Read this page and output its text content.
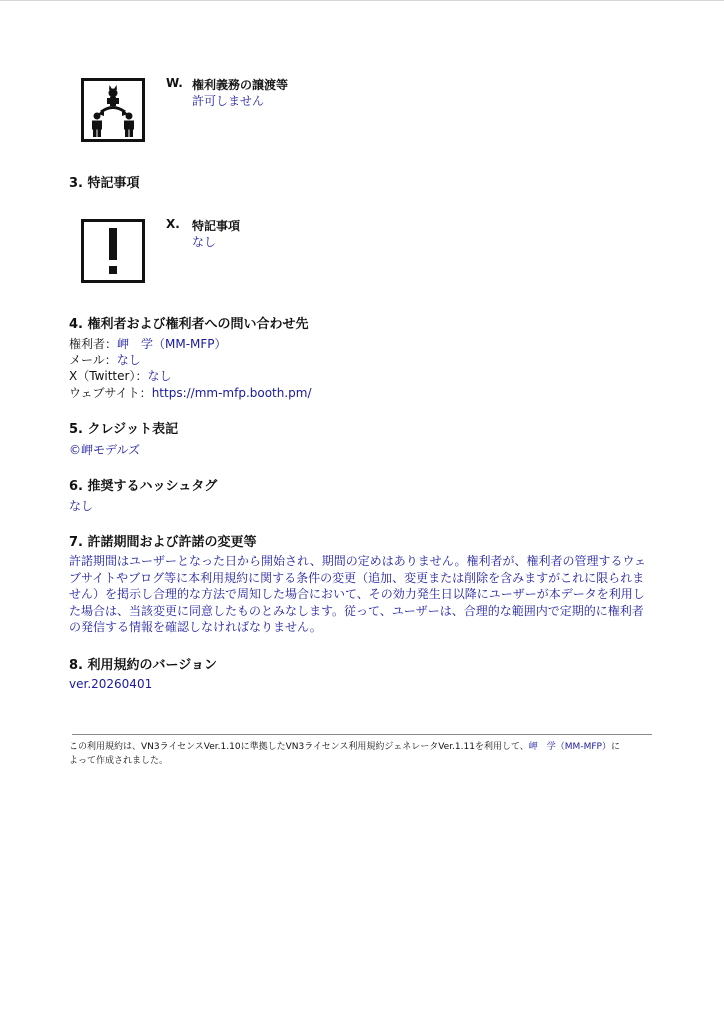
W. 権利義務の譲渡等
許可しません
3. 特記事項
X. 特記事項
なし
4. 権利者および権利者への問い合わせ先
権利者：岬　学（MM-MFP）
メール：なし
X（Twitter）：なし
ウェブサイト：https://mm-mfp.booth.pm/
5. クレジット表記
©岬モデルズ
6. 推奨するハッシュタグ
なし
7. 許諾期間および許諾の変更等
許諾期間はユーザーとなった日から開始され、期間の定めはありません。権利者が、権利者の管理するウェ
ブサイトやブログ等に本利用規約に関する条件の変更（追加、変更または削除を含みますがこれに限られま
せん）を掲示し合理的な方法で周知した場合において、その効力発生日以降にユーザーが本データを利用し
た場合は、当該変更に同意したものとみなします。従って、ユーザーは、合理的な範囲内で定期的に権利者
の発信する情報を確認しなければなりません。
8. 利用規約のバージョン
ver.20260401
この利用規約は、VN3ライセンスVer.1.10に準拠したVN3ライセンス利用規約ジェネレータVer.1.11を利用して、岬　学（MM-MFP）に
よって作成されました。
